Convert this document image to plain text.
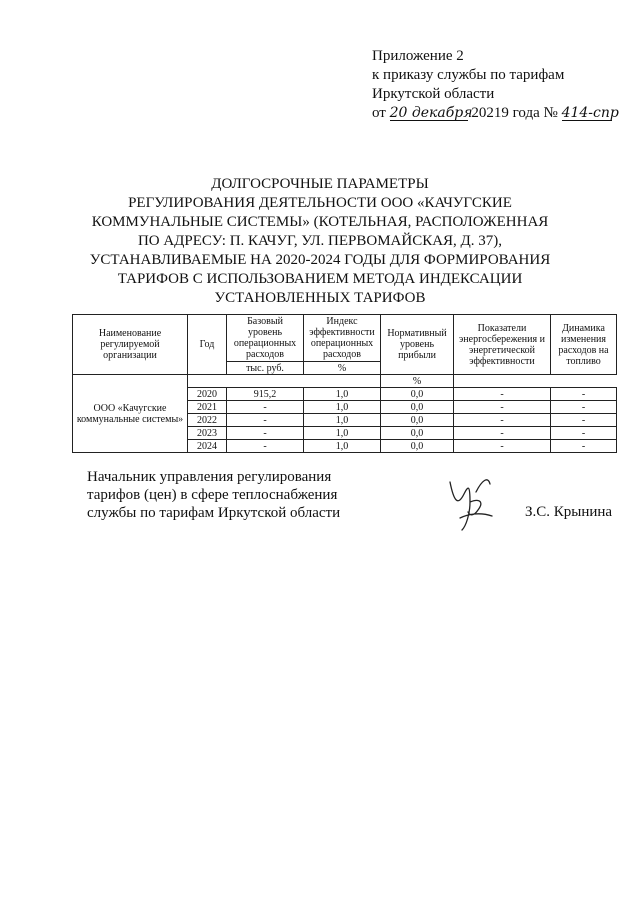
Приложение 2
к приказу службы по тарифам
Иркутской области
от 20 декабря 20219 года № 414-спр
ДОЛГОСРОЧНЫЕ ПАРАМЕТРЫ
РЕГУЛИРОВАНИЯ ДЕЯТЕЛЬНОСТИ ООО «КАЧУГСКИЕ
КОММУНАЛЬНЫЕ СИСТЕМЫ» (КОТЕЛЬНАЯ, РАСПОЛОЖЕННАЯ
ПО АДРЕСУ: П. КАЧУГ, УЛ. ПЕРВОМАЙСКАЯ, Д. 37),
УСТАНАВЛИВАЕМЫЕ НА 2020-2024 ГОДЫ ДЛЯ ФОРМИРОВАНИЯ
ТАРИФОВ С ИСПОЛЬЗОВАНИЕМ МЕТОДА ИНДЕКСАЦИИ
УСТАНОВЛЕННЫХ ТАРИФОВ
Наименование регулируемой организации	Год	Базовый уровень операционных расходов	Индекс эффективности операционных расходов	Нормативный уровень прибыли	Показатели энергосбережения и энергетической эффективности	Динамика изменения расходов на топливо
		тыс. руб.	%			
ООО «Качугские коммунальные системы»				%		
	2020	915,2	1,0	0,0	-	-
	2021	-	1,0	0,0	-	-
	2022	-	1,0	0,0	-	-
	2023	-	1,0	0,0	-	-
	2024	-	1,0	0,0	-	-
Начальник управления регулирования
тарифов (цен) в сфере теплоснабжения
службы по тарифам Иркутской области	З.С. Крынина
